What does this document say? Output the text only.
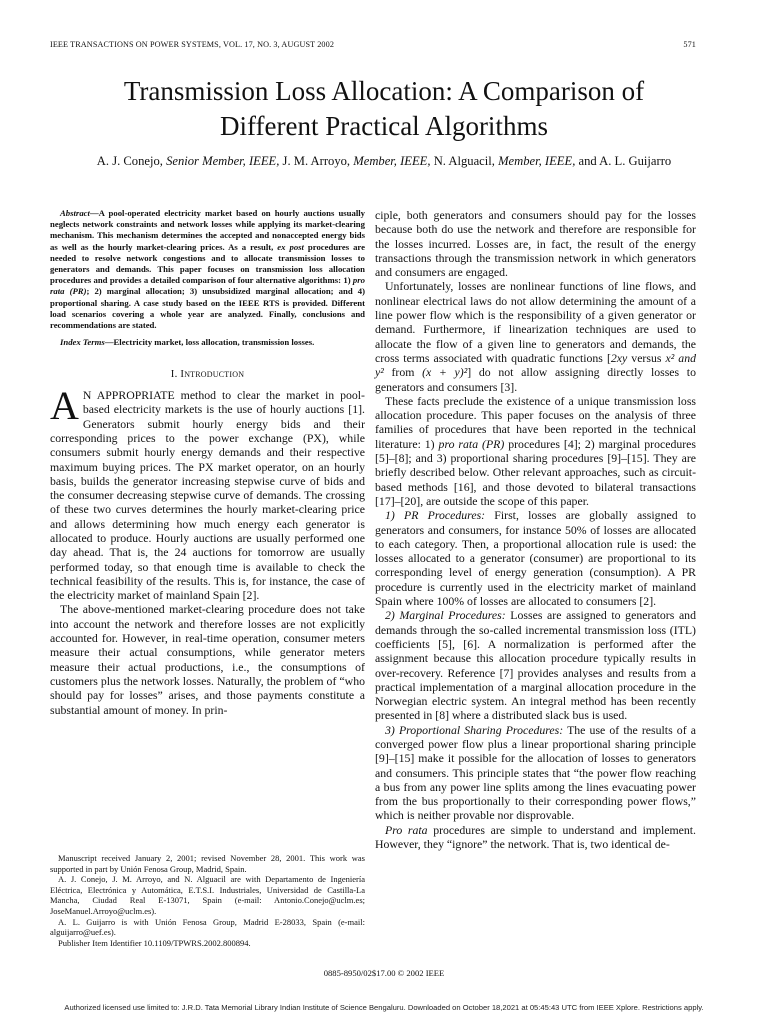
IEEE TRANSACTIONS ON POWER SYSTEMS, VOL. 17, NO. 3, AUGUST 2002	571
Transmission Loss Allocation: A Comparison of
Different Practical Algorithms
A. J. Conejo, Senior Member, IEEE, J. M. Arroyo, Member, IEEE, N. Alguacil, Member, IEEE, and A. L. Guijarro

Abstract—A pool-operated electricity market based on hourly auctions usually neglects network constraints and network losses while applying its market-clearing mechanism. This mechanism determines the accepted and nonaccepted energy bids as well as the hourly market-clearing prices. As a result, ex post procedures are needed to resolve network congestions and to allocate transmission losses to generators and demands. This paper focuses on transmission loss allocation procedures and provides a detailed comparison of four alternative algorithms: 1) pro rata (PR); 2) marginal allocation; 3) unsubsidized marginal allocation; and 4) proportional sharing. A case study based on the IEEE RTS is provided. Different load scenarios covering a whole year are analyzed. Finally, conclusions and recommendations are stated.

Index Terms—Electricity market, loss allocation, transmission losses.

I. Introduction

A N APPROPRIATE method to clear the market in pool-based electricity markets is the use of hourly auctions [1]. Generators submit hourly energy bids and their corresponding prices to the power exchange (PX), while consumers submit hourly energy demands and their respective maximum buying prices. The PX market operator, on an hourly basis, builds the generator increasing stepwise curve of bids and the consumer decreasing stepwise curve of demands. The crossing of these two curves determines the hourly market-clearing price and allows determining how much energy each generator is allocated to produce. Hourly auctions are usually performed one day ahead. That is, the 24 auctions for tomorrow are usually performed today, so that enough time is available to check the technical feasibility of the results. This is, for instance, the case of the electricity market of mainland Spain [2].

The above-mentioned market-clearing procedure does not take into account the network and therefore losses are not explicitly accounted for. However, in real-time operation, consumer meters measure their actual consumptions, while generator meters measure their actual productions, i.e., the consumptions of customers plus the network losses. Naturally, the problem of “who should pay for losses” arises, and those payments constitute a substantial amount of money. In prin-

Manuscript received January 2, 2001; revised November 28, 2001. This work was supported in part by Unión Fenosa Group, Madrid, Spain.

A. J. Conejo, J. M. Arroyo, and N. Alguacil are with Departamento de Ingeniería Eléctrica, Electrónica y Automática, E.T.S.I. Industriales, Universidad de Castilla-La Mancha, Ciudad Real E-13071, Spain (e-mail: Antonio.Conejo@uclm.es; JoseManuel.Arroyo@uclm.es).

A. L. Guijarro is with Unión Fenosa Group, Madrid E-28033, Spain (e-mail: alguijarro@uef.es).

Publisher Item Identifier 10.1109/TPWRS.2002.800894.

ciple, both generators and consumers should pay for the losses because both do use the network and therefore are responsible for the losses incurred. Losses are, in fact, the result of the energy transactions through the transmission network in which generators and consumers are engaged.

Unfortunately, losses are nonlinear functions of line flows, and nonlinear electrical laws do not allow determining the amount of a line power flow which is the responsibility of a given generator or demand. Furthermore, if linearization techniques are used to allocate the flow of a given line to generators and demands, the cross terms associated with quadratic functions [2xy versus x² and y² from (x + y)²] do not allow assigning directly losses to generators and consumers [3].

These facts preclude the existence of a unique transmission loss allocation procedure. This paper focuses on the analysis of three families of procedures that have been reported in the technical literature: 1) pro rata (PR) procedures [4]; 2) marginal procedures [5]–[8]; and 3) proportional sharing procedures [9]–[15]. They are briefly described below. Other relevant approaches, such as circuit-based methods [16], and those devoted to bilateral transactions [17]–[20], are outside the scope of this paper.

1) PR Procedures: First, losses are globally assigned to generators and consumers, for instance 50% of losses are allocated to each category. Then, a proportional allocation rule is used: the losses allocated to a generator (consumer) are proportional to its corresponding level of energy generation (consumption). A PR procedure is currently used in the electricity market of mainland Spain where 100% of losses are allocated to consumers [2].

2) Marginal Procedures: Losses are assigned to generators and demands through the so-called incremental transmission loss (ITL) coefficients [5], [6]. A normalization is performed after the assignment because this allocation procedure typically results in over-recovery. Reference [7] provides analyses and results from a practical implementation of a marginal allocation procedure in the Norwegian electric system. An integral method has been recently presented in [8] where a distributed slack bus is used.

3) Proportional Sharing Procedures: The use of the results of a converged power flow plus a linear proportional sharing principle [9]–[15] make it possible for the allocation of losses to generators and consumers. This principle states that “the power flow reaching a bus from any power line splits among the lines evacuating power from the bus proportionally to their corresponding power flows,” which is neither provable nor disprovable.

Pro rata procedures are simple to understand and implement. However, they “ignore” the network. That is, two identical de-

0885-8950/02$17.00 © 2002 IEEE
Authorized licensed use limited to: J.R.D. Tata Memorial Library Indian Institute of Science Bengaluru. Downloaded on October 18,2021 at 05:45:43 UTC from IEEE Xplore. Restrictions apply.
